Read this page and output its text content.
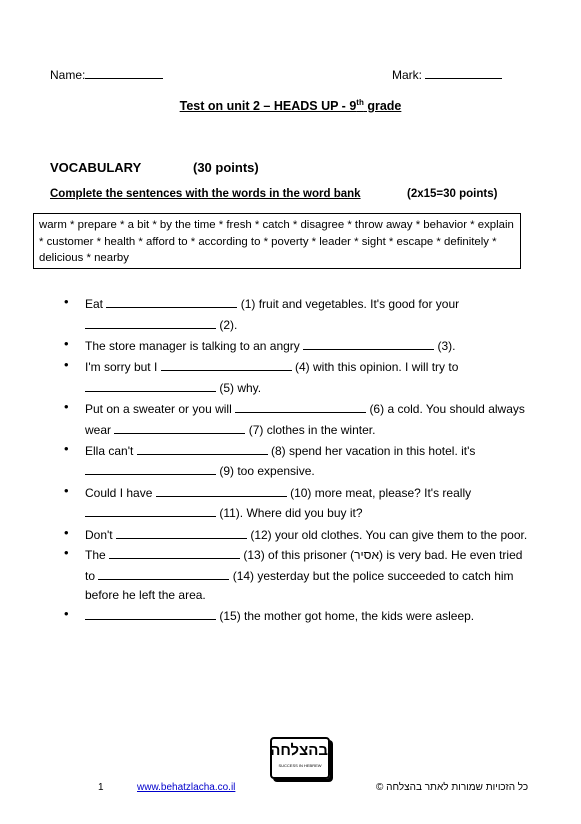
Name:	Mark:
Test on unit 2 – HEADS UP - 9th grade
VOCABULARY	(30 points)
Complete the sentences with the words in the word bank	(2x15=30 points)
warm * prepare * a bit * by the time * fresh * catch * disagree * throw away * behavior * explain * customer * health * afford to * according to * poverty * leader * sight * escape * definitely * delicious * nearby
• Eat	(1) fruit and vegetables. It's good for your
(2).
• The store manager is talking to an angry	(3).
• I'm sorry but I	(4) with this opinion. I will try to
(5) why.
• Put on a sweater or you will	(6) a cold. You should always
wear	(7) clothes in the winter.
• Ella can't	(8) spend her vacation in this hotel. it's
(9) too expensive.
• Could I have	(10) more meat, please? It's really
(11). Where did you buy it?
• Don't	(12) your old clothes. You can give them to the poor.
• The	(13) of this prisoner (אסיר) is very bad. He even tried
to	(14) yesterday but the police succeeded to catch him
before he left the area.
•	(15) the mother got home, the kids were asleep.
בהצלחה
SUCCESS IN HEBREW
1	www.behatzlacha.co.il	כל הזכויות שמורות לאתר בהצלחה ©
